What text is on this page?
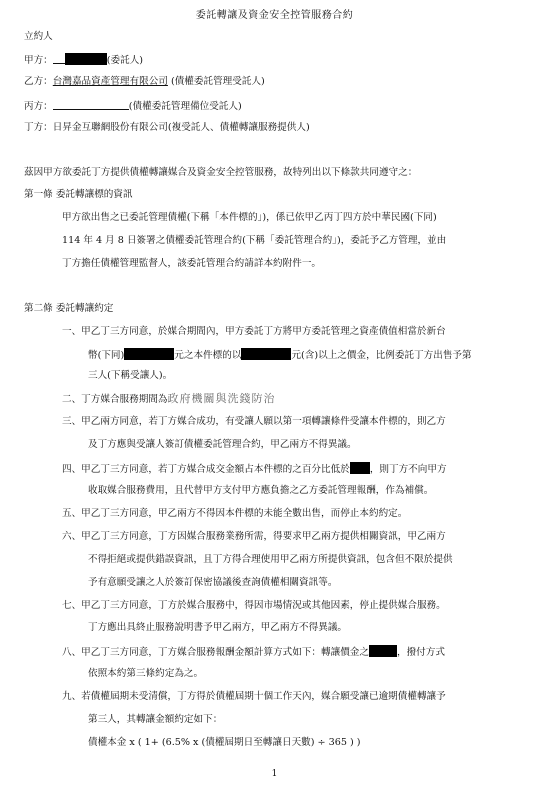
委託轉讓及資金安全控管服務合約
立約人
甲方：	(委託人)
乙方：台灣嘉品資產管理有限公司 (債權委託管理受託人)
丙方：	(債權委託管理備位受託人)
丁方：日昇金互聯網股份有限公司(複受託人、債權轉讓服務提供人)
茲因甲方欲委託丁方提供債權轉讓媒合及資金安全控管服務，故特列出以下條款共同遵守之：
第一條 委託轉讓標的資訊
甲方欲出售之已委託管理債權(下稱「本件標的」)，係已依甲乙丙丁四方於中華民國(下同)
114 年 4 月 8 日簽署之債權委託管理合約(下稱「委託管理合約」)，委託予乙方管理，並由
丁方擔任債權管理監督人，該委託管理合約請詳本約附件一。
第二條 委託轉讓約定
一、甲乙丁三方同意，於媒合期間內，甲方委託丁方將甲方委託管理之資產債值相當於新台
幣(下同)	元之本件標的以	元(含)以上之價金，比例委託丁方出售予第
三人(下稱受讓人)。
二、丁方媒合服務期間為政府機關與洗錢防治
三、甲乙兩方同意，若丁方媒合成功，有受讓人願以第一項轉讓條件受讓本件標的，則乙方
及丁方應與受讓人簽訂債權委託管理合約，甲乙兩方不得異議。
四、甲乙丁三方同意，若丁方媒合成交金額占本件標的之百分比低於 ，則丁方不向甲方
收取媒合服務費用，且代替甲方支付甲方應負擔之乙方委託管理報酬，作為補償。
五、甲乙丁三方同意，甲乙兩方不得因本件標的未能全數出售，而停止本約約定。
六、甲乙丁三方同意，丁方因媒合服務業務所需，得要求甲乙兩方提供相關資訊，甲乙兩方
不得拒絕或提供錯誤資訊，且丁方得合理使用甲乙兩方所提供資訊，包含但不限於提供
予有意願受讓之人於簽訂保密協議後查詢債權相關資訊等。
七、甲乙丁三方同意，丁方於媒合服務中，得因市場情況或其他因素，停止提供媒合服務。
丁方應出具終止服務說明書予甲乙兩方，甲乙兩方不得異議。
八、甲乙丁三方同意，丁方媒合服務報酬金額計算方式如下：轉讓價金之	，撥付方式
依照本約第三條約定為之。
九、若債權屆期未受清償，丁方得於債權屆期十個工作天內，媒合願受讓已逾期債權轉讓予
第三人，其轉讓金額約定如下：
債權本金 x ( 1+ (6.5% x (債權屆期日至轉讓日天數) ÷ 365 ) )
1
